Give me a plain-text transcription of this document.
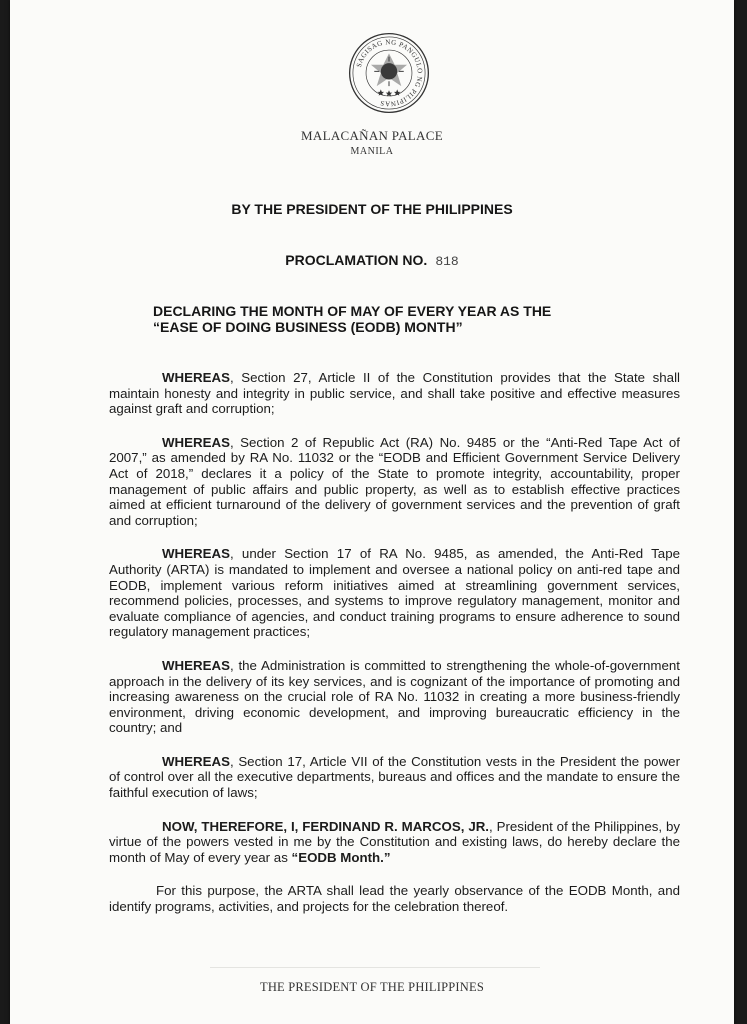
SAGISAG NG PANGULO NG PILIPINAS
MALACAÑAN PALACE
MANILA
BY THE PRESIDENT OF THE PHILIPPINES
PROCLAMATION NO. 818
DECLARING THE MONTH OF MAY OF EVERY YEAR AS THE
“EASE OF DOING BUSINESS (EODB) MONTH”

WHEREAS, Section 27, Article II of the Constitution provides that the State shall maintain honesty and integrity in public service, and shall take positive and effective measures against graft and corruption;

WHEREAS, Section 2 of Republic Act (RA) No. 9485 or the “Anti-Red Tape Act of 2007,” as amended by RA No. 11032 or the “EODB and Efficient Government Service Delivery Act of 2018,” declares it a policy of the State to promote integrity, accountability, proper management of public affairs and public property, as well as to establish effective practices aimed at efficient turnaround of the delivery of government services and the prevention of graft and corruption;

WHEREAS, under Section 17 of RA No. 9485, as amended, the Anti-Red Tape Authority (ARTA) is mandated to implement and oversee a national policy on anti-red tape and EODB, implement various reform initiatives aimed at streamlining government services, recommend policies, processes, and systems to improve regulatory management, monitor and evaluate compliance of agencies, and conduct training programs to ensure adherence to sound regulatory management practices;

WHEREAS, the Administration is committed to strengthening the whole-of-government approach in the delivery of its key services, and is cognizant of the importance of promoting and increasing awareness on the crucial role of RA No. 11032 in creating a more business-friendly environment, driving economic development, and improving bureaucratic efficiency in the country; and

WHEREAS, Section 17, Article VII of the Constitution vests in the President the power of control over all the executive departments, bureaus and offices and the mandate to ensure the faithful execution of laws;

NOW, THEREFORE, I, FERDINAND R. MARCOS, JR., President of the Philippines, by virtue of the powers vested in me by the Constitution and existing laws, do hereby declare the month of May of every year as “EODB Month.”

For this purpose, the ARTA shall lead the yearly observance of the EODB Month, and identify programs, activities, and projects for the celebration thereof.

THE PRESIDENT OF THE PHILIPPINES
